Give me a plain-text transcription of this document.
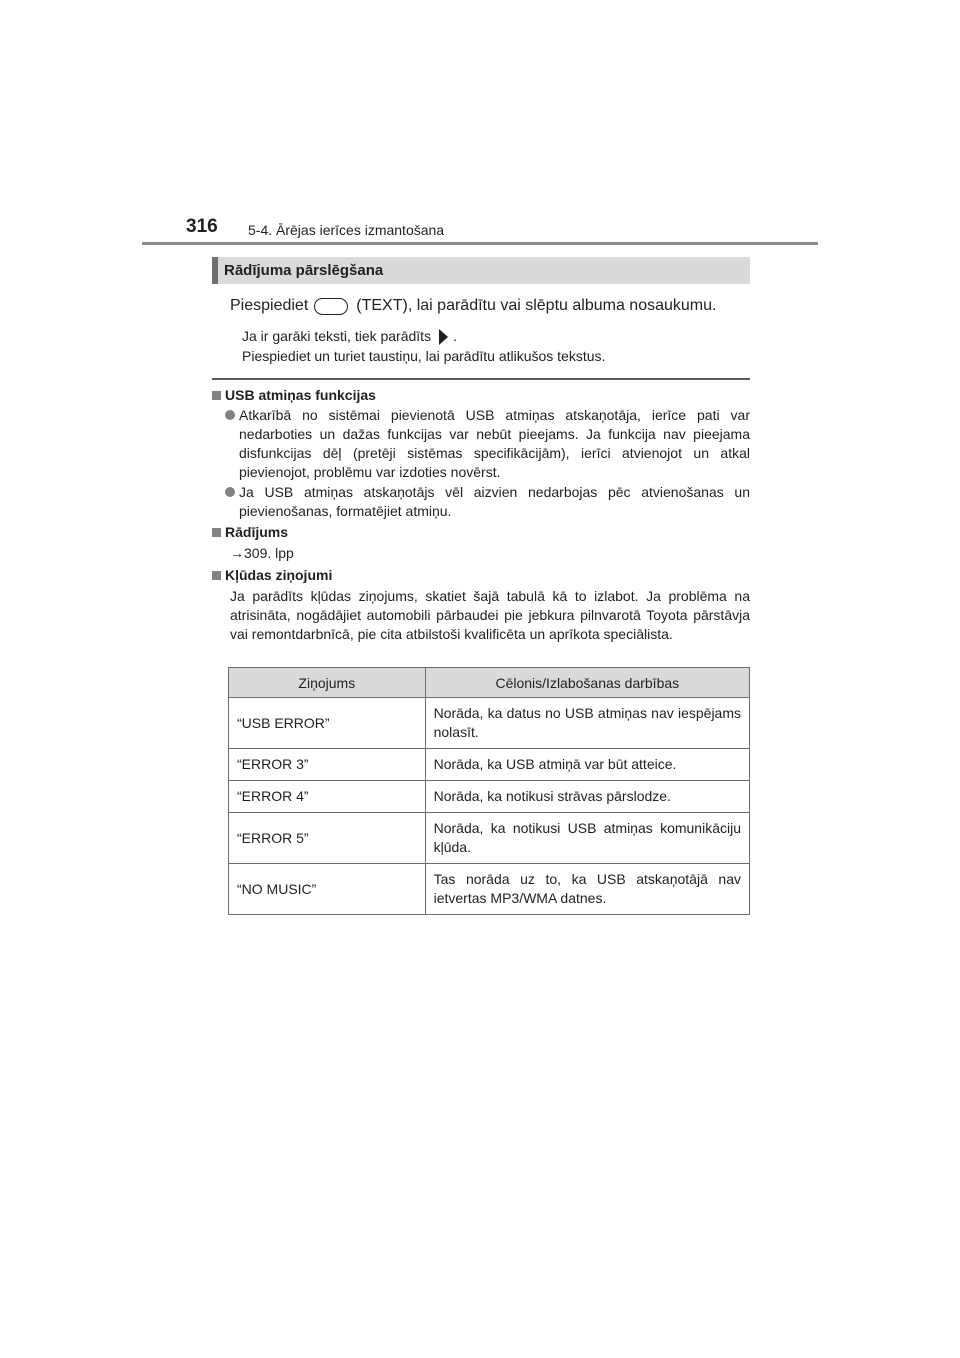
316 5-4. Ārējas ierīces izmantošana
Rādījuma pārslēgšana
Piespiediet	(TEXT), lai parādītu vai slēptu albuma nosaukumu.
Ja ir garāki teksti, tiek parādīts .
Piespiediet un turiet taustiņu, lai parādītu atlikušos tekstus.
USB atmiņas funkcijas
Atkarībā no sistēmai pievienotā USB atmiņas atskaņotāja, ierīce pati var nedarboties un dažas funkcijas var nebūt pieejams. Ja funkcija nav pieejama disfunkcijas dēļ (pretēji sistēmas specifikācijām), ierīci atvienojot un atkal pievienojot, problēmu var izdoties novērst.
Ja USB atmiņas atskaņotājs vēl aizvien nedarbojas pēc atvienošanas un pievienošanas, formatējiet atmiņu.
Rādījums
→309. lpp
Kļūdas ziņojumi
Ja parādīts kļūdas ziņojums, skatiet šajā tabulā kā to izlabot. Ja problēma na atrisināta, nogādājiet automobili pārbaudei pie jebkura pilnvarotā Toyota pārstāvja vai remontdarbnīcā, pie cita atbilstoši kvalificēta un aprīkota speciālista.
Ziņojums	Cēlonis/Izlabošanas darbības
“USB ERROR”	Norāda, ka datus no USB atmiņas nav iespējams nolasīt.
“ERROR 3”	Norāda, ka USB atmiņā var būt atteice.
“ERROR 4”	Norāda, ka notikusi strāvas pārslodze.
“ERROR 5”	Norāda, ka notikusi USB atmiņas komunikāciju kļūda.
“NO MUSIC”	Tas norāda uz to, ka USB atskaņotājā nav ietvertas MP3/WMA datnes.
